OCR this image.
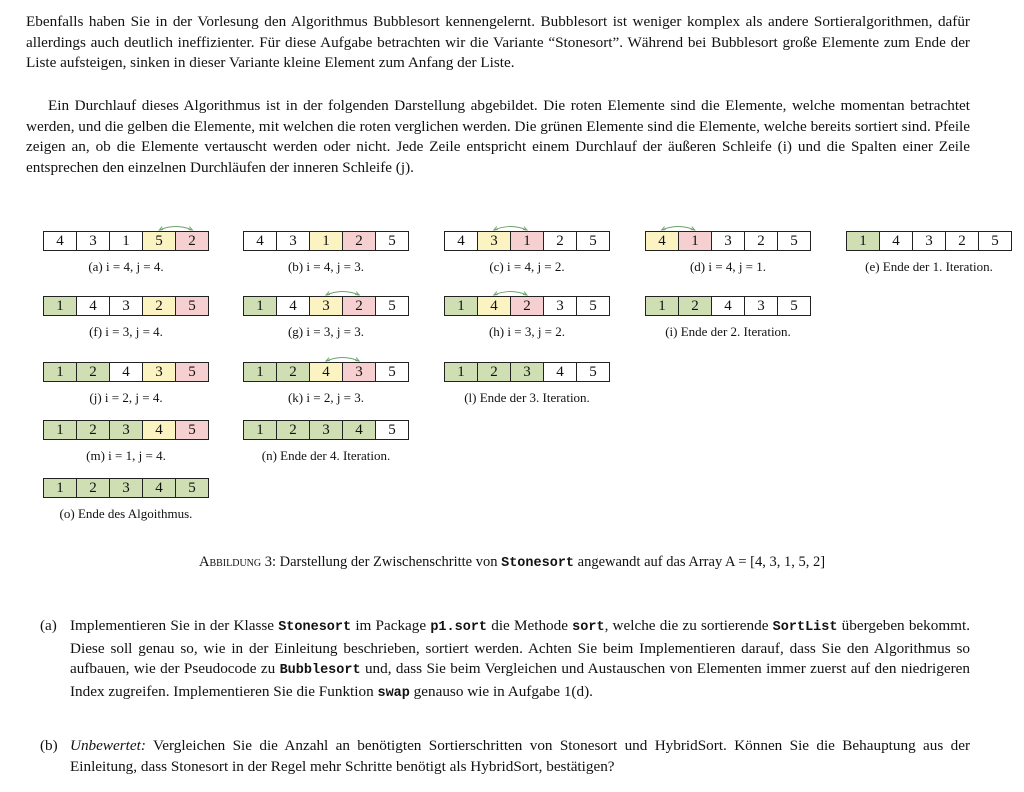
Ebenfalls haben Sie in der Vorlesung den Algorithmus Bubblesort kennengelernt. Bubblesort ist weniger komplex als andere Sortieralgorithmen, dafür allerdings auch deutlich ineffizienter. Für diese Aufgabe betrachten wir die Variante “Stonesort”. Während bei Bubblesort große Elemente zum Ende der Liste aufsteigen, sinken in dieser Variante kleine Element zum Anfang der Liste.

Ein Durchlauf dieses Algorithmus ist in der folgenden Darstellung abgebildet. Die roten Elemente sind die Elemente, welche momentan betrachtet werden, und die gelben die Elemente, mit welchen die roten verglichen werden. Die grünen Elemente sind die Elemente, welche bereits sortiert sind. Pfeile zeigen an, ob die Elemente vertauscht werden oder nicht. Jede Zeile entspricht einem Durchlauf der äußeren Schleife (i) und die Spalten einer Zeile entsprechen den einzelnen Durchläufen der inneren Schleife (j).

4	3	1	5	2
(a) i = 4, j = 4.
4	3	1	2	5
(b) i = 4, j = 3.
4	3	1	2	5
(c) i = 4, j = 2.
4	1	3	2	5
(d) i = 4, j = 1.
1	4	3	2	5
(e) Ende der 1. Iteration.
1	4	3	2	5
(f) i = 3, j = 4.
1	4	3	2	5
(g) i = 3, j = 3.
1	4	2	3	5
(h) i = 3, j = 2.
1	2	4	3	5
(i) Ende der 2. Iteration.
1	2	4	3	5
(j) i = 2, j = 4.
1	2	4	3	5
(k) i = 2, j = 3.
1	2	3	4	5
(l) Ende der 3. Iteration.
1	2	3	4	5
(m) i = 1, j = 4.
1	2	3	4	5
(n) Ende der 4. Iteration.
1	2	3	4	5
(o) Ende des Algoithmus.
Abbildung 3: Darstellung der Zwischenschritte von Stonesort angewandt auf das Array A = [4, 3, 1, 5, 2]
(a) Implementieren Sie in der Klasse Stonesort im Package p1.sort die Methode sort, welche die zu sortierende SortList übergeben bekommt. Diese soll genau so, wie in der Einleitung beschrieben, sortiert werden. Achten Sie beim Implementieren darauf, dass Sie den Algorithmus so aufbauen, wie der Pseudocode zu Bubblesort und, dass Sie beim Vergleichen und Austauschen von Elementen immer zuerst auf den niedrigeren Index zugreifen. Implementieren Sie die Funktion swap genauso wie in Aufgabe 1(d).
(b) Unbewertet: Vergleichen Sie die Anzahl an benötigten Sortierschritten von Stonesort und HybridSort. Können Sie die Behauptung aus der Einleitung, dass Stonesort in der Regel mehr Schritte benötigt als HybridSort, bestätigen?
